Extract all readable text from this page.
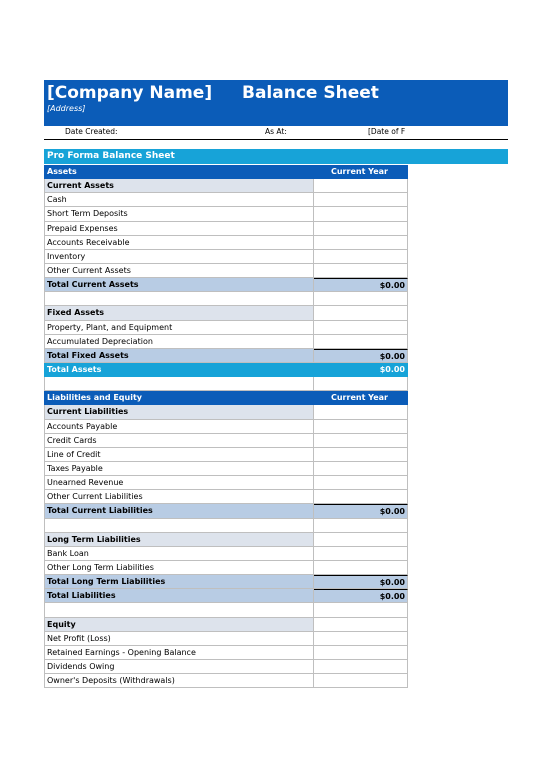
[Company Name] Balance Sheet
[Address]
Date Created:	As At:	[Date of F
Pro Forma Balance Sheet
Assets	Current Year
Current Assets
Cash
Short Term Deposits
Prepaid Expenses
Accounts Receivable
Inventory
Other Current Assets
Total Current Assets	$0.00
Fixed Assets
Property, Plant, and Equipment
Accumulated Depreciation
Total Fixed Assets	$0.00
Total Assets	$0.00
Liabilities and Equity	Current Year
Current Liabilities
Accounts Payable
Credit Cards
Line of Credit
Taxes Payable
Unearned Revenue
Other Current Liabilities
Total Current Liabilities	$0.00
Long Term Liabilities
Bank Loan
Other Long Term Liabilities
Total Long Term Liabilities	$0.00
Total Liabilities	$0.00
Equity
Net Profit (Loss)
Retained Earnings - Opening Balance
Dividends Owing
Owner's Deposits (Withdrawals)
